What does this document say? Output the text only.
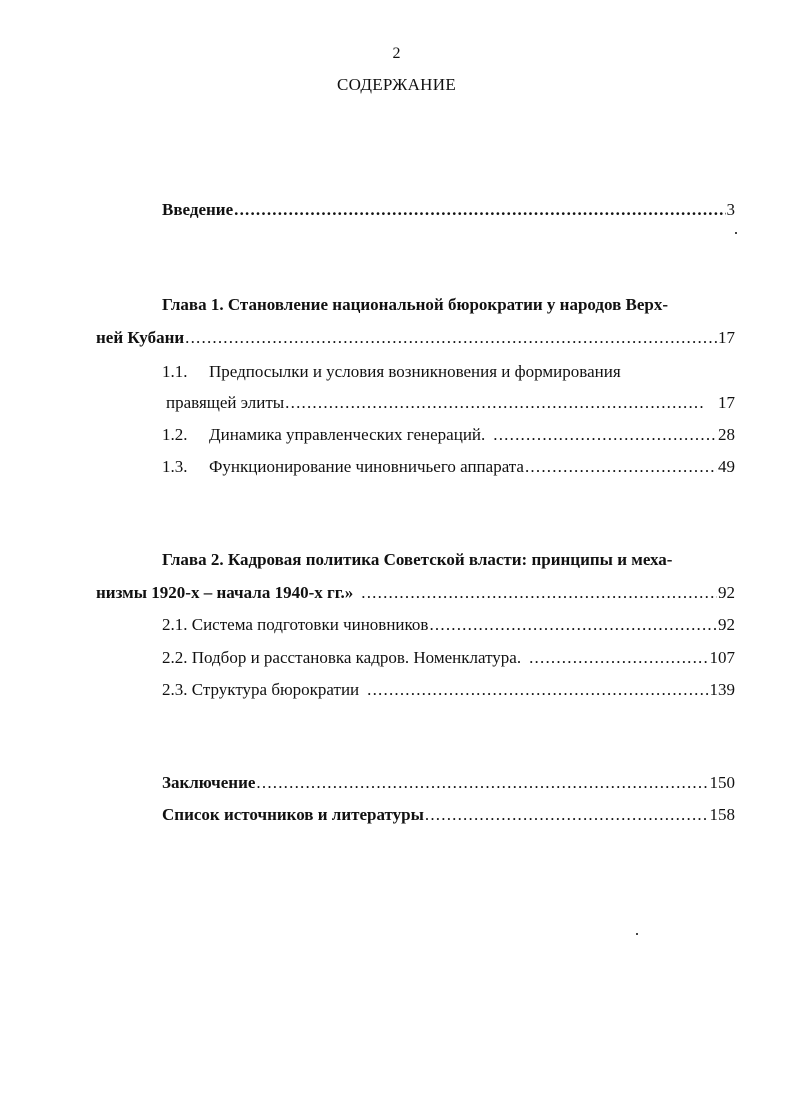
2
СОДЕРЖАНИЕ
Введение .....	3
Глава 1. Становление национальной бюрократии у народов Верх-
ней Кубани .....	17
1.1. Предпосылки и условия возникновения и формирования
правящей элиты .....	17
1.2. Динамика управленческих генераций. .....	28
1.3. Функционирование чиновничьего аппарата .....	49
Глава 2. Кадровая политика Советской власти: принципы и меха-
низмы 1920-х – начала 1940-х гг.» .....	92
2.1. Система подготовки чиновников .....	92
2.2. Подбор и расстановка кадров. Номенклатура. .....	107
2.3. Структура бюрократии .....	139
Заключение .....	150
Список источников и литературы .....	158
